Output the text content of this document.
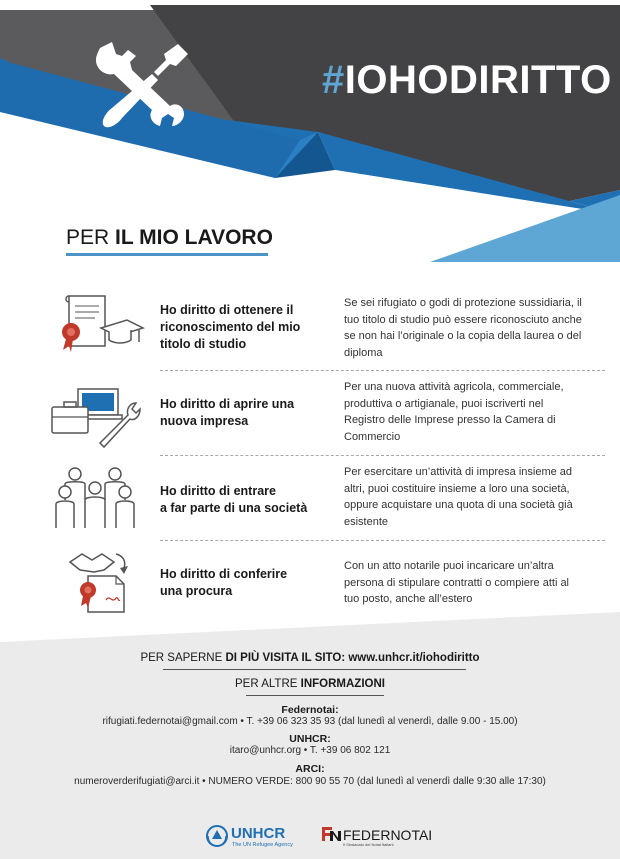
#IOHODIRITTO
PER IL MIO LAVORO
Ho diritto di ottenere il
riconoscimento del mio
titolo di studio
Se sei rifugiato o godi di protezione sussidiaria, il
tuo titolo di studio può essere riconosciuto anche
se non hai l’originale o la copia della laurea o del
diploma
Ho diritto di aprire una
nuova impresa
Per una nuova attività agricola, commerciale,
produttiva o artigianale, puoi iscriverti nel
Registro delle Imprese presso la Camera di
Commercio
Ho diritto di entrare
a far parte di una società
Per esercitare un’attività di impresa insieme ad
altri, puoi costituire insieme a loro una società,
oppure acquistare una quota di una società già
esistente
Ho diritto di conferire
una procura
Con un atto notarile puoi incaricare un’altra
persona di stipulare contratti o compiere atti al
tuo posto, anche all’estero
PER SAPERNE DI PIÙ VISITA IL SITO: www.unhcr.it/iohodiritto
PER ALTRE INFORMAZIONI
Federnotai:
rifugiati.federnotai@gmail.com • T. +39 06 323 35 93 (dal lunedì al venerdì, dalle 9.00 - 15.00)
UNHCR:
itaro@unhcr.org • T. +39 06 802 121
ARCI:
numeroverderifugiati@arci.it • NUMERO VERDE: 800 90 55 70 (dal lunedì al venerdì dalle 9:30 alle 17:30)
UNHCR
The UN Refugee Agency
FEDERNOTAI
Il Sindacato dei Notai Italiani
